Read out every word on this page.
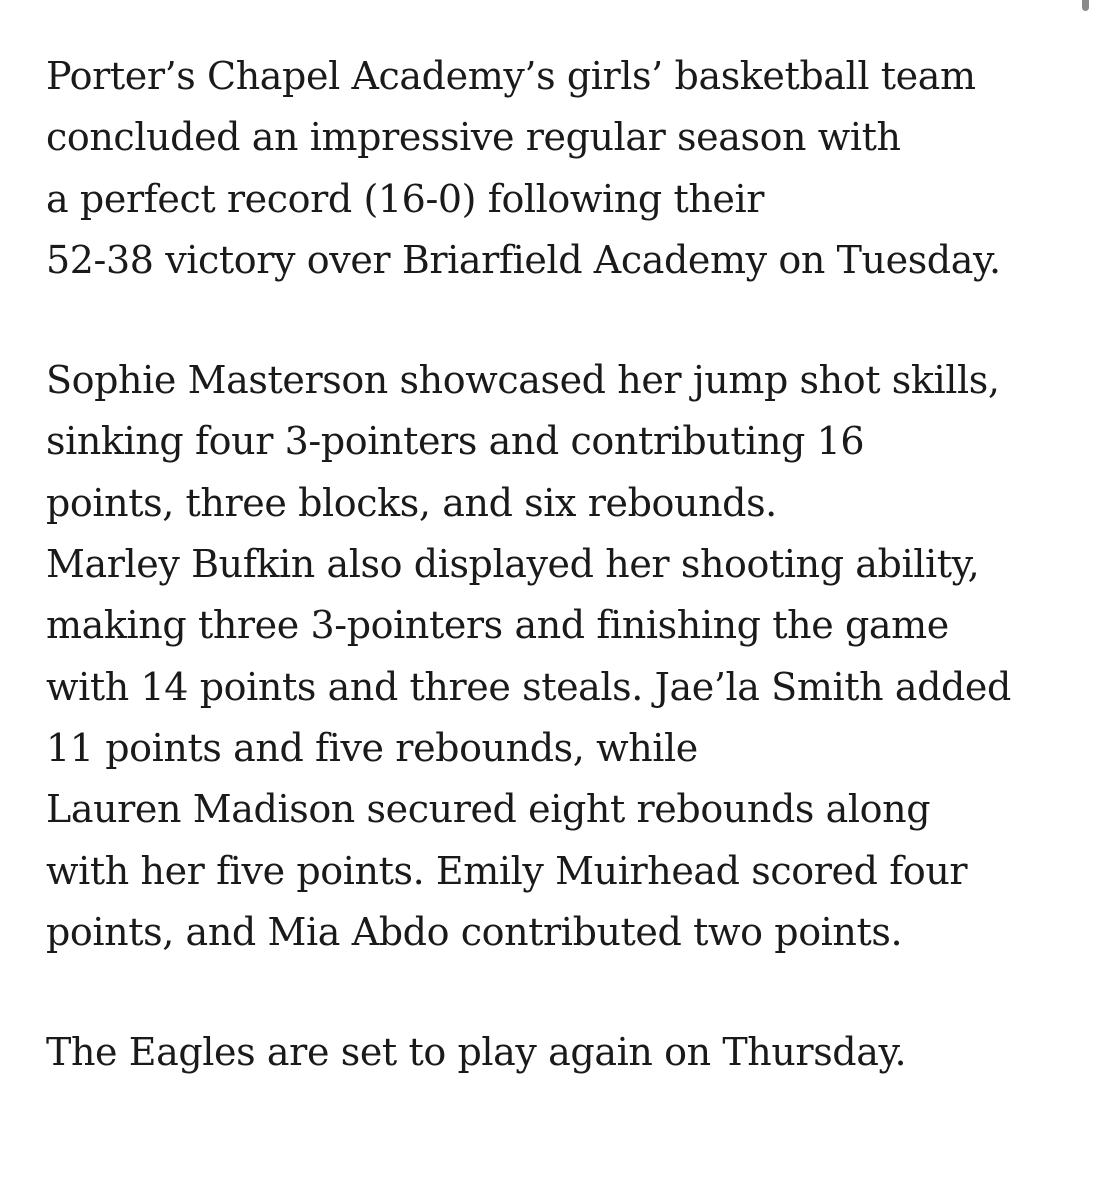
Porter’s Chapel Academy’s girls’ basketball team
concluded an impressive regular season with
a perfect record (16-0) following their
52-38 victory over Briarfield Academy on Tuesday.

Sophie Masterson showcased her jump shot skills,
sinking four 3-pointers and contributing 16
points, three blocks, and six rebounds.
Marley Bufkin also displayed her shooting ability,
making three 3-pointers and finishing the game
with 14 points and three steals. Jae’la Smith added
11 points and five rebounds, while
Lauren Madison secured eight rebounds along
with her five points. Emily Muirhead scored four
points, and Mia Abdo contributed two points.

The Eagles are set to play again on Thursday.
